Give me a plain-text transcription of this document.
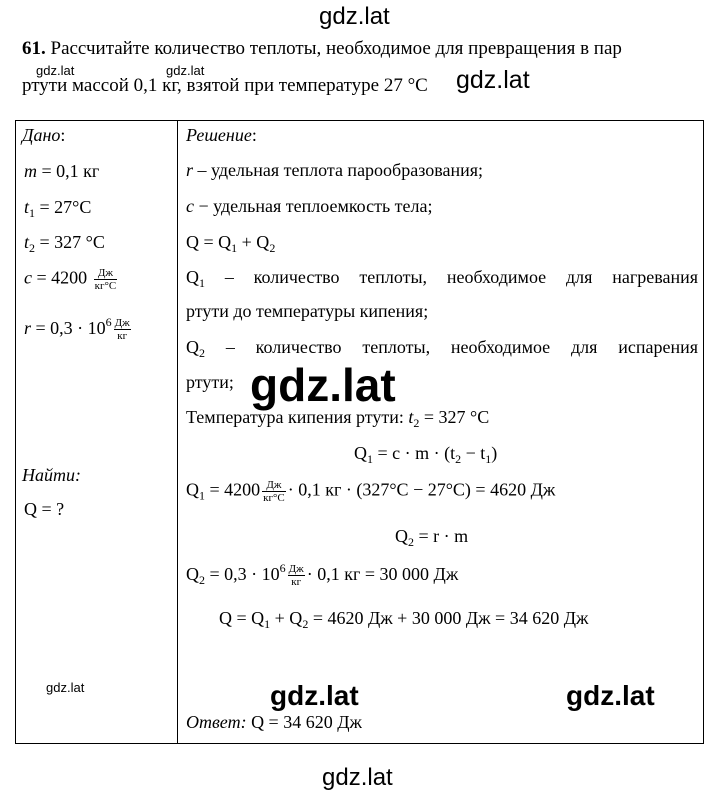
gdz.lat
61. Рассчитайте количество теплоты, необходимое для превращения в пар
gdz.lat	gdz.lat
ртути массой 0,1 кг, взятой при температуре 27 °C gdz.lat
Дано:
m = 0,1 кг
$t_1 = 27^\circ C$
$t_2 = 327$ °C
$c = 4200 \frac{Дж}{кг^\circ С}$
$r = 0,3 \cdot 10^6 \frac{Дж}{кг}$
Найти:
Q = ?
Решение:
r – удельная теплота парообразования;
c − удельная теплоемкость тела;
$Q = Q_1 + Q_2$
$Q_1$ – количество теплоты, необходимое для нагревания
ртути до температуры кипения;
$Q_2$ – количество теплоты, необходимое для испарения
ртути;
Температура кипения ртути: $t_2 = 327$ °C
$Q_1 = c \cdot m \cdot (t_2 - t_1)$
$Q_1 = 4200 \frac{Дж}{кг^\circ С} \cdot 0,1$ кг · (327°C − 27°C) = 4620 Дж
$Q_2 = r \cdot m$
$Q_2 = 0,3 \cdot 10^6 \frac{Дж}{кг} \cdot 0,1$ кг = 30 000 Дж
$Q = Q_1 + Q_2 = 4620$ Дж + 30 000 Дж = 34 620 Дж
Ответ: Q = 34 620 Дж
gdz.lat
gdz.lat	gdz.lat	gdz.lat
gdz.lat
